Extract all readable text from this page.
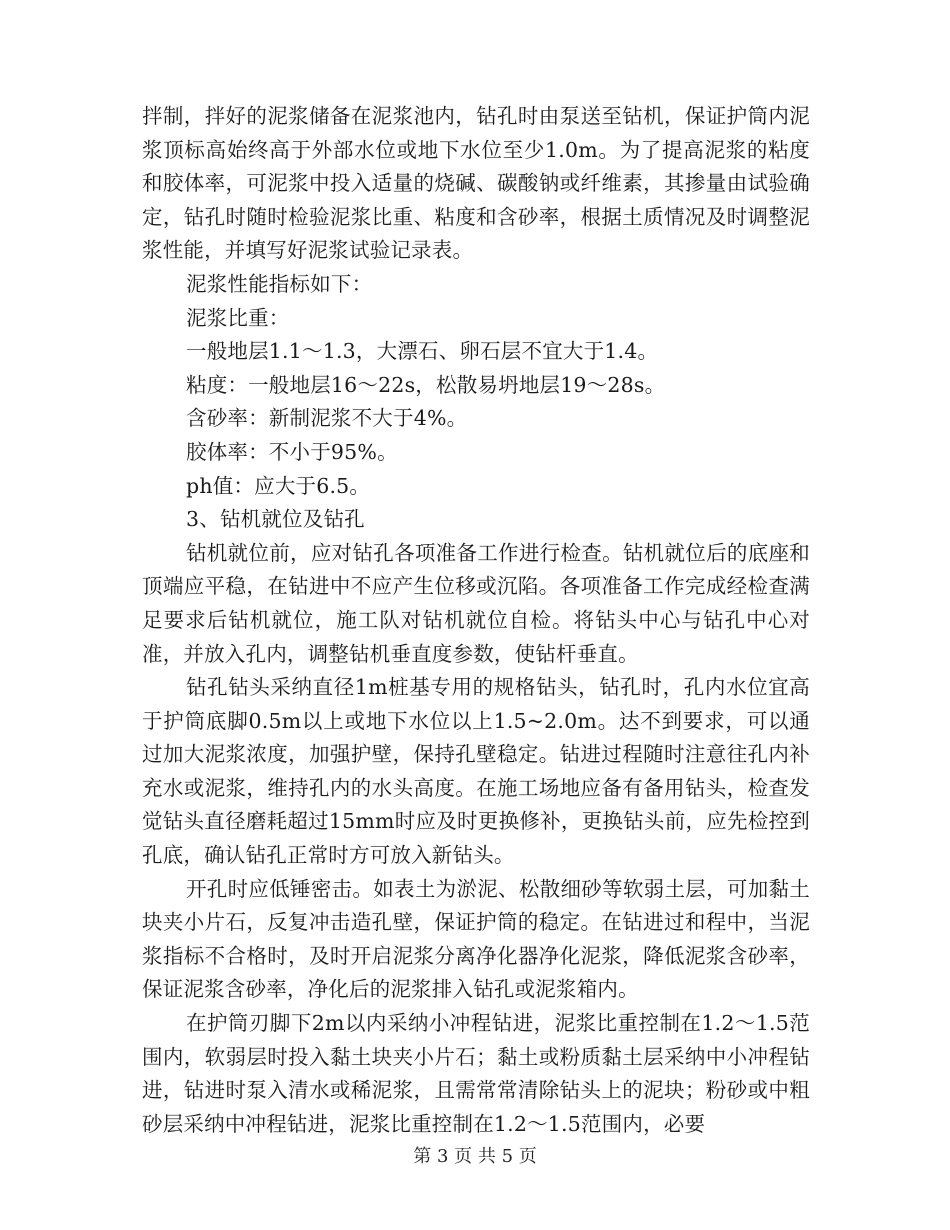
拌制，拌好的泥浆储备在泥浆池内，钻孔时由泵送至钻机，保证护筒内泥浆顶标高始终高于外部水位或地下水位至少1.0m。为了提高泥浆的粘度和胶体率，可泥浆中投入适量的烧碱、碳酸钠或纤维素，其掺量由试验确定，钻孔时随时检验泥浆比重、粘度和含砂率，根据土质情况及时调整泥浆性能，并填写好泥浆试验记录表。

泥浆性能指标如下：

泥浆比重：

一般地层1.1～1.3，大漂石、卵石层不宜大于1.4。

粘度：一般地层16～22s，松散易坍地层19～28s。

含砂率：新制泥浆不大于4%。

胶体率：不小于95%。

ph值：应大于6.5。

3、钻机就位及钻孔

钻机就位前，应对钻孔各项准备工作进行检查。钻机就位后的底座和顶端应平稳，在钻进中不应产生位移或沉陷。各项准备工作完成经检查满足要求后钻机就位，施工队对钻机就位自检。将钻头中心与钻孔中心对准，并放入孔内，调整钻机垂直度参数，使钻杆垂直。

钻孔钻头采纳直径1m桩基专用的规格钻头，钻孔时，孔内水位宜高于护筒底脚0.5m以上或地下水位以上1.5~2.0m。达不到要求，可以通过加大泥浆浓度，加强护壁，保持孔壁稳定。钻进过程随时注意往孔内补充水或泥浆，维持孔内的水头高度。在施工场地应备有备用钻头，检查发觉钻头直径磨耗超过15mm时应及时更换修补，更换钻头前，应先检控到孔底，确认钻孔正常时方可放入新钻头。

开孔时应低锤密击。如表土为淤泥、松散细砂等软弱土层，可加黏土块夹小片石，反复冲击造孔壁，保证护筒的稳定。在钻进过和程中，当泥浆指标不合格时，及时开启泥浆分离净化器净化泥浆，降低泥浆含砂率，保证泥浆含砂率，净化后的泥浆排入钻孔或泥浆箱内。

在护筒刃脚下2m以内采纳小冲程钻进，泥浆比重控制在1.2～1.5范围内，软弱层时投入黏土块夹小片石；黏土或粉质黏土层采纳中小冲程钻进，钻进时泵入清水或稀泥浆，且需常常清除钻头上的泥块；粉砂或中粗砂层采纳中冲程钻进，泥浆比重控制在1.2～1.5范围内，必要

第 3 页 共 5 页
